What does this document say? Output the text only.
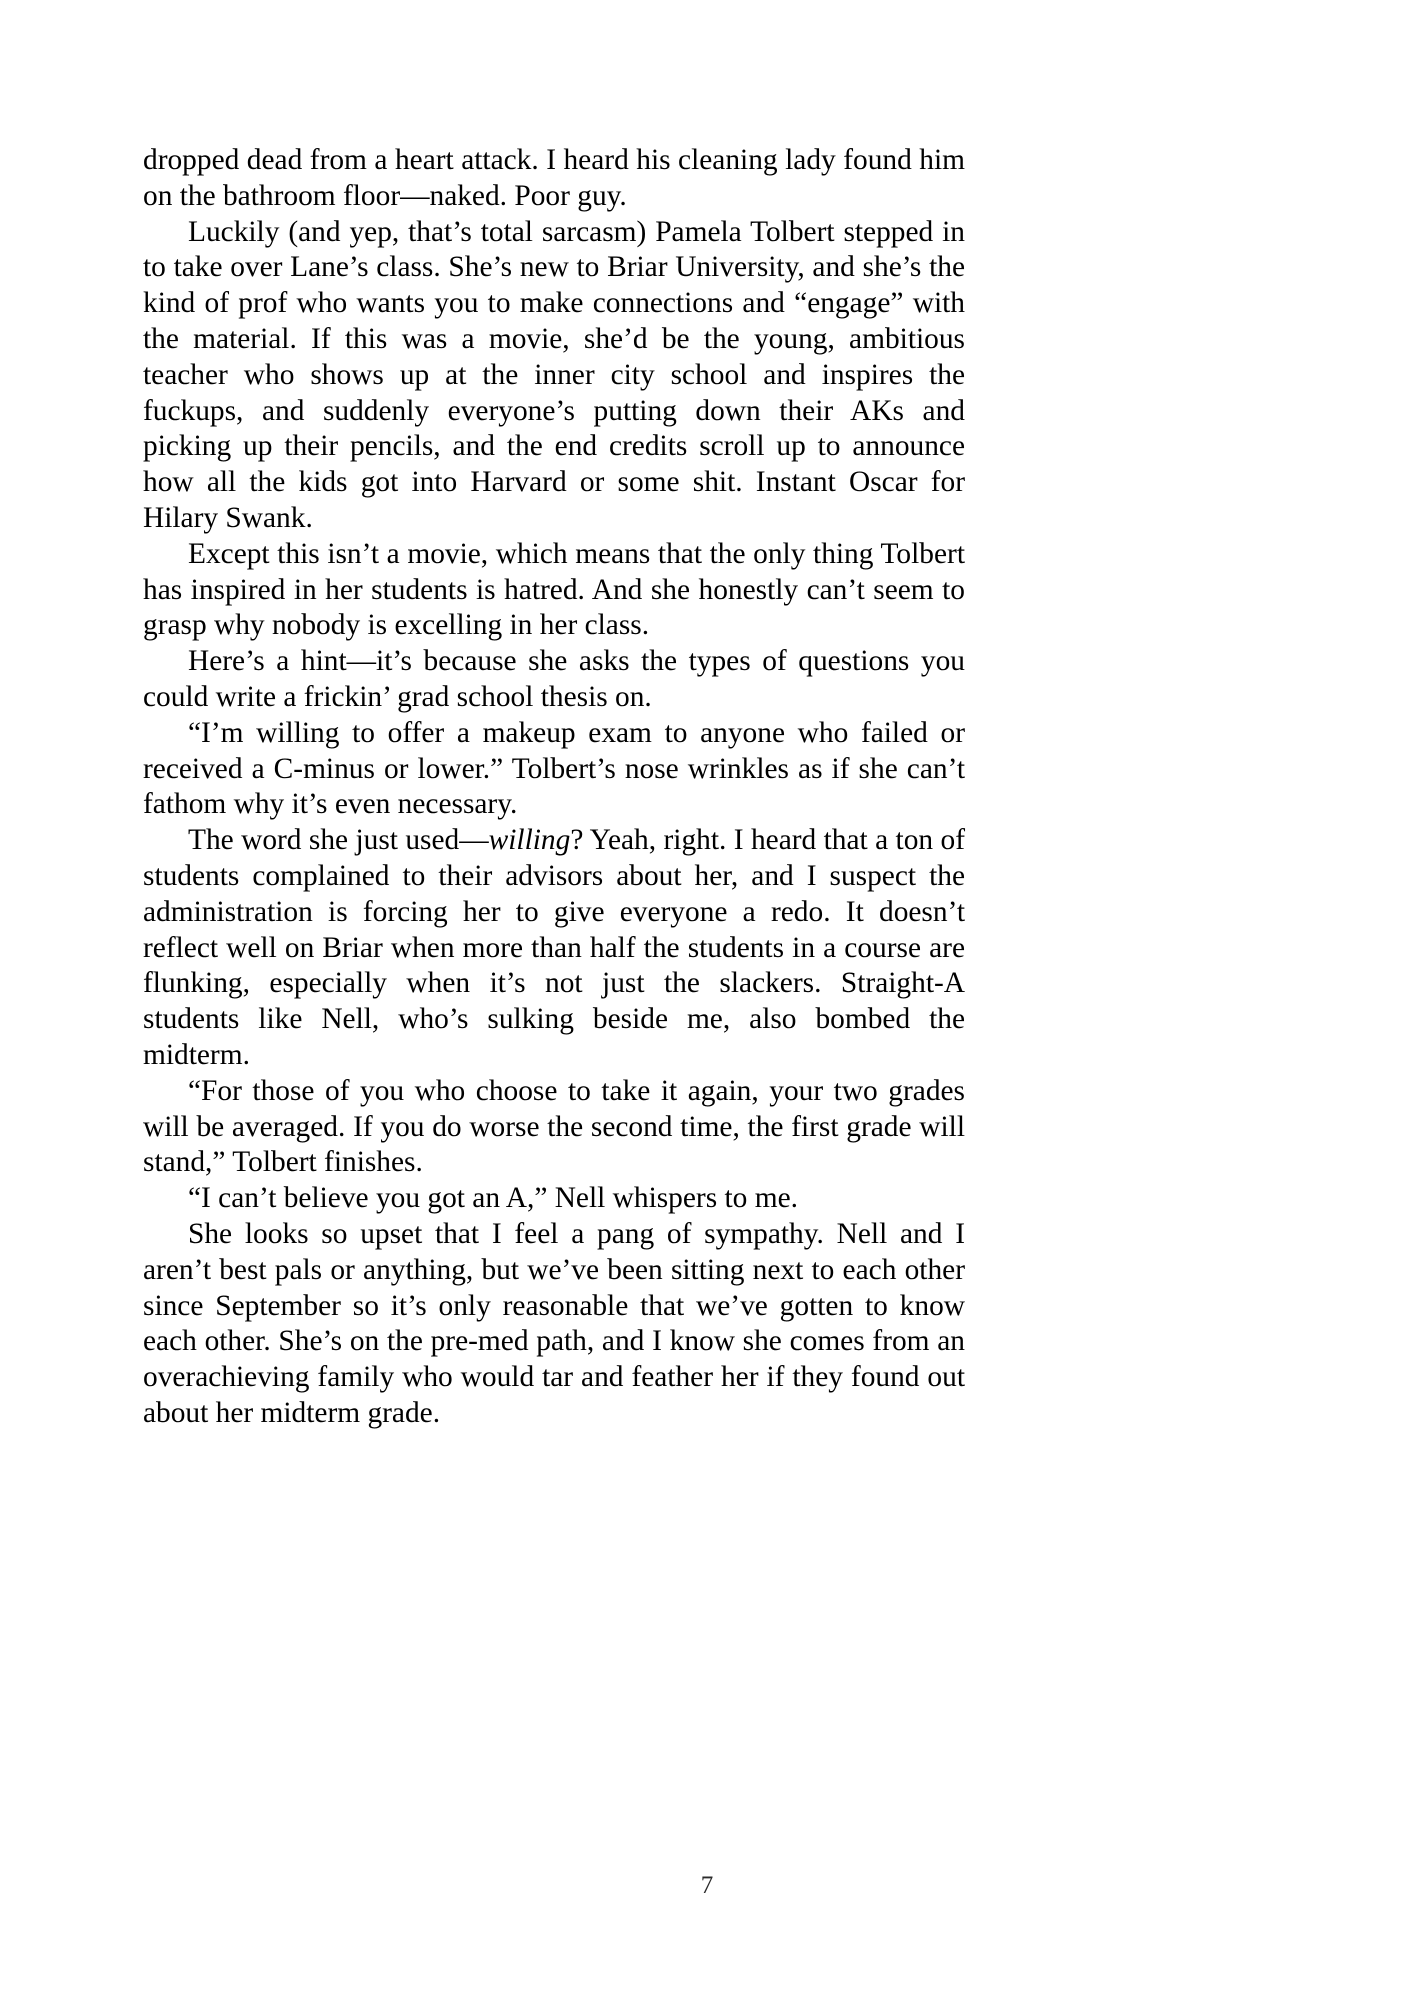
dropped dead from a heart attack. I heard his cleaning lady found him on the bathroom floor—naked. Poor guy.

Luckily (and yep, that’s total sarcasm) Pamela Tolbert stepped in to take over Lane’s class. She’s new to Briar University, and she’s the kind of prof who wants you to make connections and “engage” with the material. If this was a movie, she’d be the young, ambitious teacher who shows up at the inner city school and inspires the fuckups, and suddenly everyone’s putting down their AKs and picking up their pencils, and the end credits scroll up to announce how all the kids got into Harvard or some shit. Instant Oscar for Hilary Swank.

Except this isn’t a movie, which means that the only thing Tolbert has inspired in her students is hatred. And she honestly can’t seem to grasp why nobody is excelling in her class.

Here’s a hint—it’s because she asks the types of questions you could write a frickin’ grad school thesis on.

“I’m willing to offer a makeup exam to anyone who failed or received a C-minus or lower.” Tolbert’s nose wrinkles as if she can’t fathom why it’s even necessary.

The word she just used—willing? Yeah, right. I heard that a ton of students complained to their advisors about her, and I suspect the administration is forcing her to give everyone a redo. It doesn’t reflect well on Briar when more than half the students in a course are flunking, especially when it’s not just the slackers. Straight-A students like Nell, who’s sulking beside me, also bombed the midterm.

“For those of you who choose to take it again, your two grades will be averaged. If you do worse the second time, the first grade will stand,” Tolbert finishes.

“I can’t believe you got an A,” Nell whispers to me.

She looks so upset that I feel a pang of sympathy. Nell and I aren’t best pals or anything, but we’ve been sitting next to each other since September so it’s only reasonable that we’ve gotten to know each other. She’s on the pre-med path, and I know she comes from an overachieving family who would tar and feather her if they found out about her midterm grade.

7
